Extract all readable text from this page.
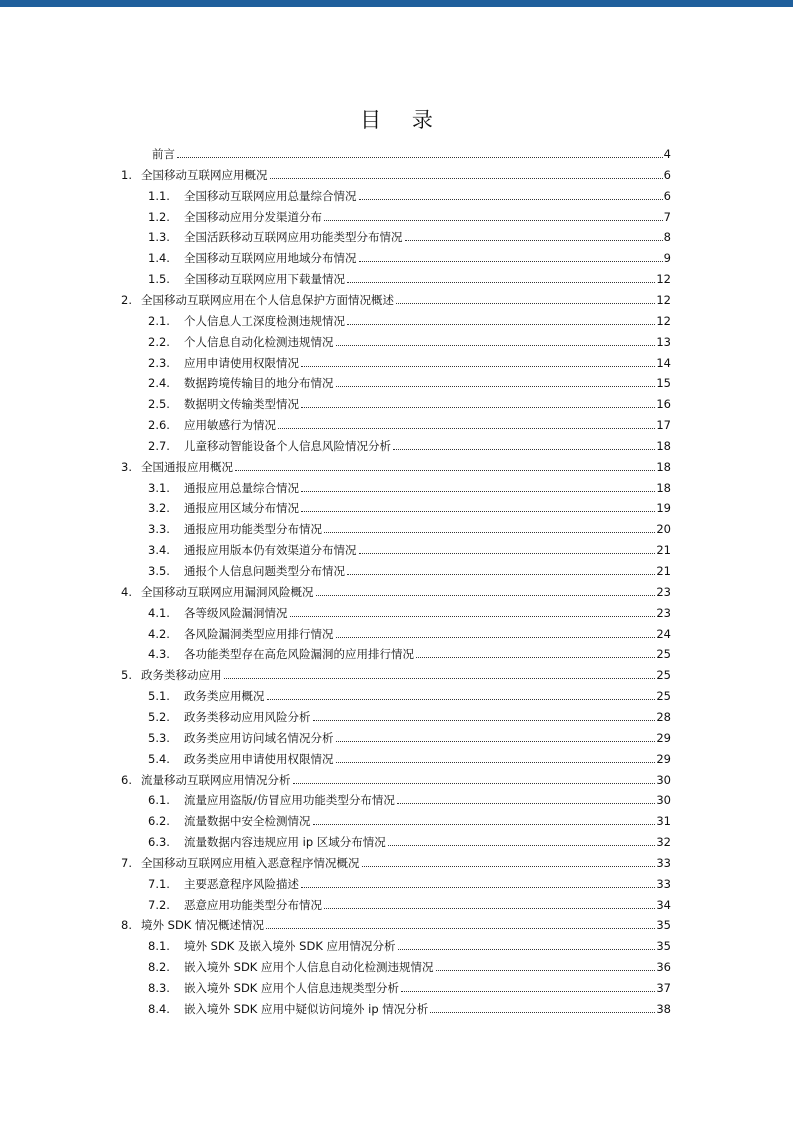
目 录
前言	4
1. 全国移动互联网应用概况	6
1.1.	全国移动互联网应用总量综合情况	6
1.2.	全国移动应用分发渠道分布	7
1.3.	全国活跃移动互联网应用功能类型分布情况	8
1.4.	全国移动互联网应用地域分布情况	9
1.5.	全国移动互联网应用下载量情况	12
2. 全国移动互联网应用在个人信息保护方面情况概述	12
2.1.	个人信息人工深度检测违规情况	12
2.2.	个人信息自动化检测违规情况	13
2.3.	应用申请使用权限情况	14
2.4.	数据跨境传输目的地分布情况	15
2.5.	数据明文传输类型情况	16
2.6.	应用敏感行为情况	17
2.7.	儿童移动智能设备个人信息风险情况分析	18
3. 全国通报应用概况	18
3.1.	通报应用总量综合情况	18
3.2.	通报应用区域分布情况	19
3.3.	通报应用功能类型分布情况	20
3.4.	通报应用版本仍有效渠道分布情况	21
3.5.	通报个人信息问题类型分布情况	21
4. 全国移动互联网应用漏洞风险概况	23
4.1.	各等级风险漏洞情况	23
4.2.	各风险漏洞类型应用排行情况	24
4.3.	各功能类型存在高危风险漏洞的应用排行情况	25
5. 政务类移动应用	25
5.1.	政务类应用概况	25
5.2.	政务类移动应用风险分析	28
5.3.	政务类应用访问域名情况分析	29
5.4.	政务类应用申请使用权限情况	29
6. 流量移动互联网应用情况分析	30
6.1.	流量应用盗版/仿冒应用功能类型分布情况	30
6.2.	流量数据中安全检测情况	31
6.3.	流量数据内容违规应用 ip 区域分布情况	32
7. 全国移动互联网应用植入恶意程序情况概况	33
7.1.	主要恶意程序风险描述	33
7.2.	恶意应用功能类型分布情况	34
8. 境外 SDK 情况概述情况	35
8.1.	境外 SDK 及嵌入境外 SDK 应用情况分析	35
8.2.	嵌入境外 SDK 应用个人信息自动化检测违规情况	36
8.3.	嵌入境外 SDK 应用个人信息违规类型分析	37
8.4.	嵌入境外 SDK 应用中疑似访问境外 ip 情况分析	38
